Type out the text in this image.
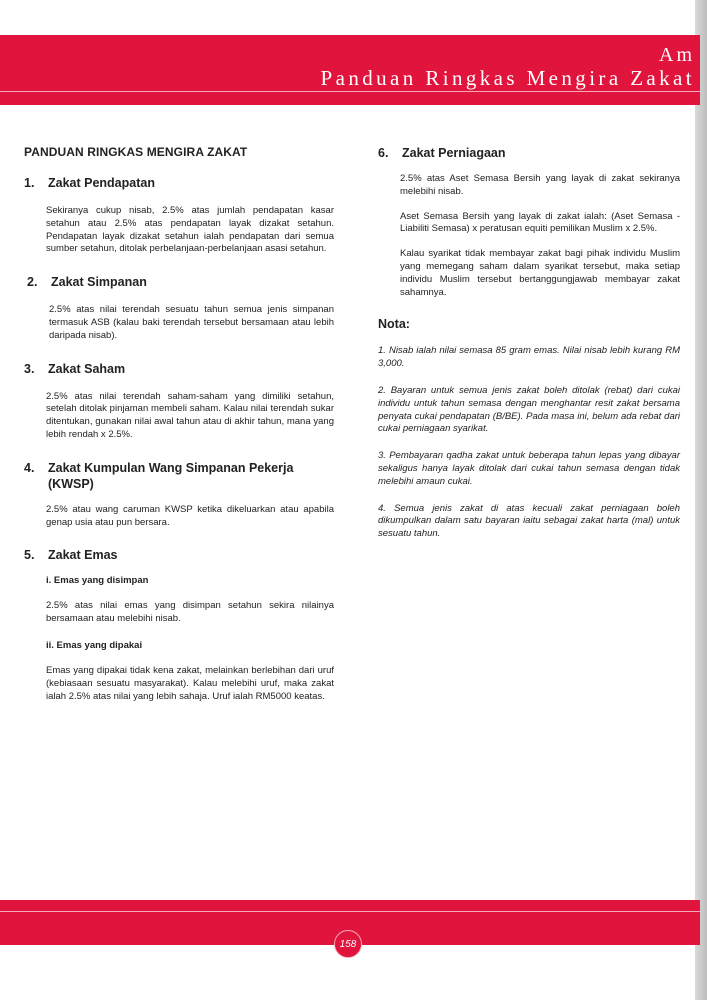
Am
Panduan Ringkas Mengira Zakat
PANDUAN RINGKAS MENGIRA ZAKAT
1.	Zakat Pendapatan

Sekiranya cukup nisab, 2.5% atas jumlah pendapatan kasar setahun atau 2.5% atas pendapatan layak dizakat setahun. Pendapatan layak dizakat setahun ialah pendapatan dari semua sumber setahun, ditolak perbelanjaan-perbelanjaan asasi setahun.

2.	Zakat Simpanan

2.5% atas nilai terendah sesuatu tahun semua jenis simpanan termasuk ASB (kalau baki terendah tersebut bersamaan atau lebih daripada nisab).

3.	Zakat Saham

2.5% atas nilai terendah saham-saham yang dimiliki setahun, setelah ditolak pinjaman membeli saham. Kalau nilai terendah sukar ditentukan, gunakan nilai awal tahun atau di akhir tahun, mana yang lebih rendah x 2.5%.

4.	Zakat Kumpulan Wang Simpanan Pekerja (KWSP)

2.5% atau wang caruman KWSP ketika dikeluarkan atau apabila genap usia atau pun bersara.

5.	Zakat Emas

i. Emas yang disimpan

2.5% atas nilai emas yang disimpan setahun sekira nilainya bersamaan atau melebihi nisab.

ii. Emas yang dipakai

Emas yang dipakai tidak kena zakat, melainkan berlebihan dari uruf (kebiasaan sesuatu masyarakat). Kalau melebihi uruf, maka zakat ialah 2.5% atas nilai yang lebih sahaja. Uruf ialah RM5000 keatas.

6.	Zakat Perniagaan

2.5% atas Aset Semasa Bersih yang layak di zakat sekiranya melebihi nisab.

Aset Semasa Bersih yang layak di zakat ialah: (Aset Semasa - Liabiliti Semasa) x peratusan equiti pemilikan Muslim x 2.5%.

Kalau syarikat tidak membayar zakat bagi pihak individu Muslim yang memegang saham dalam syarikat tersebut, maka setiap individu Muslim tersebut bertanggungjawab membayar zakat sahamnya.

Nota:

1. Nisab ialah nilai semasa 85 gram emas. Nilai nisab lebih kurang RM 3,000.

2. Bayaran untuk semua jenis zakat boleh ditolak (rebat) dari cukai individu untuk tahun semasa dengan menghantar resit zakat bersama penyata cukai pendapatan (B/BE). Pada masa ini, belum ada rebat dari cukai perniagaan syarikat.

3. Pembayaran qadha zakat untuk beberapa tahun lepas yang dibayar sekaligus hanya layak ditolak dari cukai tahun semasa dengan tidak melebihi amaun cukai.

4. Semua jenis zakat di atas kecuali zakat perniagaan boleh dikumpulkan dalam satu bayaran iaitu sebagai zakat harta (mal) untuk sesuatu tahun.

158
